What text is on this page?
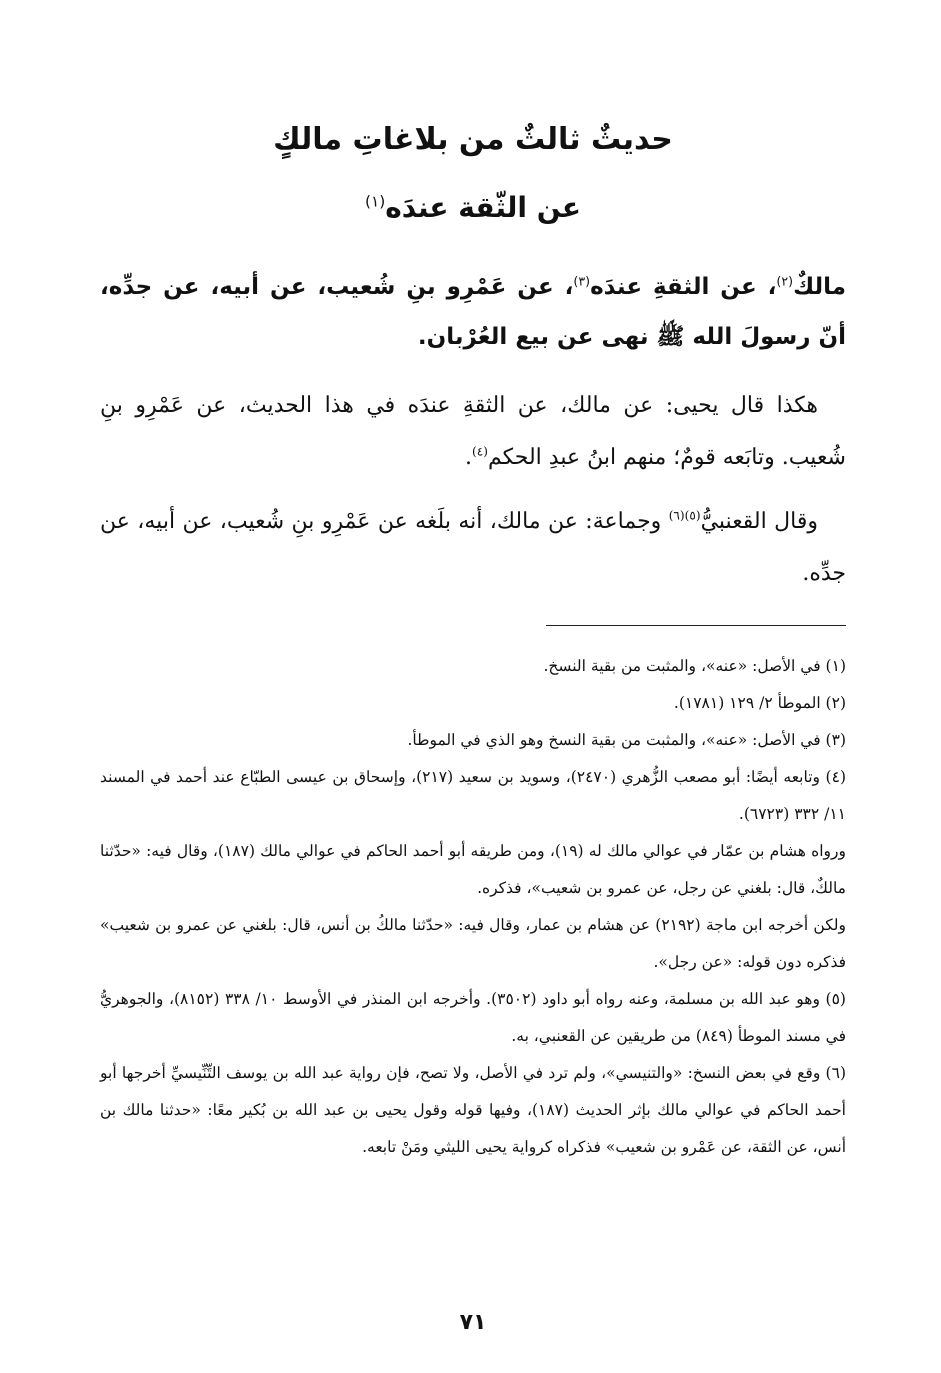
حديثٌ ثالثٌ من بلاغاتِ مالكٍ
عن الثّقة عندَه$^{(١)}$

مالكٌ$^{(٢)}$، عن الثقةِ عندَه$^{(٣)}$، عن عَمْرِو بنِ شُعيب، عن أبيه، عن جدِّه، أنّ رسولَ الله ﷺ نهى عن بيع العُرْبان.

هكذا قال يحيى: عن مالك، عن الثقةِ عندَه في هذا الحديث، عن عَمْرِو بنِ شُعيب. وتابَعه قومٌ؛ منهم ابنُ عبدِ الحكم$^{(٤)}$.

وقال القعنبيُّ$^{(٥)(٦)}$ وجماعة: عن مالك، أنه بلَغه عن عَمْرِو بنِ شُعيب، عن أبيه، عن جدِّه.

(١) في الأصل: «عنه»، والمثبت من بقية النسخ.

(٢) الموطأ ٢/ ١٢٩ (١٧٨١).

(٣) في الأصل: «عنه»، والمثبت من بقية النسخ وهو الذي في الموطأ.

(٤) وتابعه أيضًا: أبو مصعب الزُّهري (٢٤٧٠)، وسويد بن سعيد (٢١٧)، وإسحاق بن عيسى الطبّاع عند أحمد في المسند ١١/ ٣٣٢ (٦٧٢٣).

ورواه هشام بن عمّار في عوالي مالك له (١٩)، ومن طريقه أبو أحمد الحاكم في عوالي مالك (١٨٧)، وقال فيه: «حدّثنا مالكٌ، قال: بلغني عن رجل، عن عمرو بن شعيب»، فذكره.

ولكن أخرجه ابن ماجة (٢١٩٢) عن هشام بن عمار، وقال فيه: «حدّثنا مالكُ بن أنس، قال: بلغني عن عمرو بن شعيب» فذكره دون قوله: «عن رجل».

(٥) وهو عبد الله بن مسلمة، وعنه رواه أبو داود (٣٥٠٢). وأخرجه ابن المنذر في الأوسط ١٠/ ٣٣٨ (٨١٥٢)، والجوهريُّ في مسند الموطأ (٨٤٩) من طريقين عن القعنبي، به.

(٦) وقع في بعض النسخ: «والتنيسي»، ولم ترد في الأصل، ولا تصح، فإن رواية عبد الله بن يوسف التِّنِّيسيِّ أخرجها أبو أحمد الحاكم في عوالي مالك بإثر الحديث (١٨٧)، وفيها قوله وقول يحيى بن عبد الله بن بُكير معًا: «حدثنا مالك بن أنس، عن الثقة، عن عَمْرو بن شعيب» فذكراه كرواية يحيى الليثي ومَنْ تابعه.

٧١
